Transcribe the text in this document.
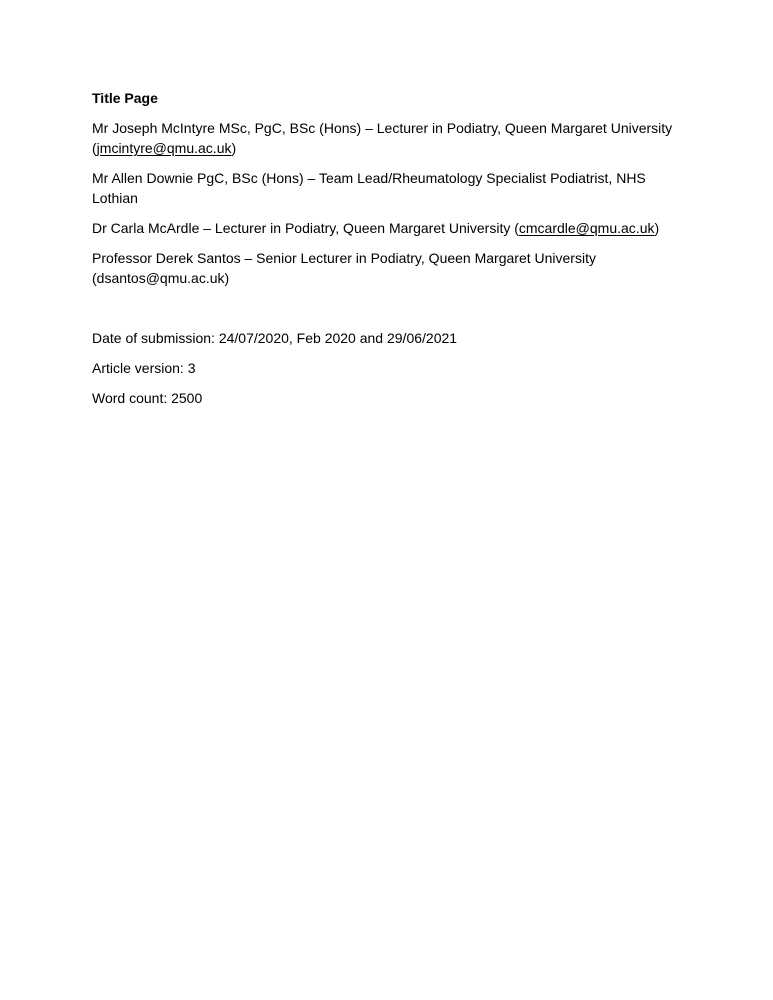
Title Page

Mr Joseph McIntyre MSc, PgC, BSc (Hons) – Lecturer in Podiatry, Queen Margaret University
(jmcintyre@qmu.ac.uk)

Mr Allen Downie PgC, BSc (Hons) – Team Lead/Rheumatology Specialist Podiatrist, NHS Lothian

Dr Carla McArdle – Lecturer in Podiatry, Queen Margaret University (cmcardle@qmu.ac.uk)

Professor Derek Santos – Senior Lecturer in Podiatry, Queen Margaret University
(dsantos@qmu.ac.uk)

Date of submission: 24/07/2020, Feb 2020 and 29/06/2021

Article version: 3

Word count: 2500
